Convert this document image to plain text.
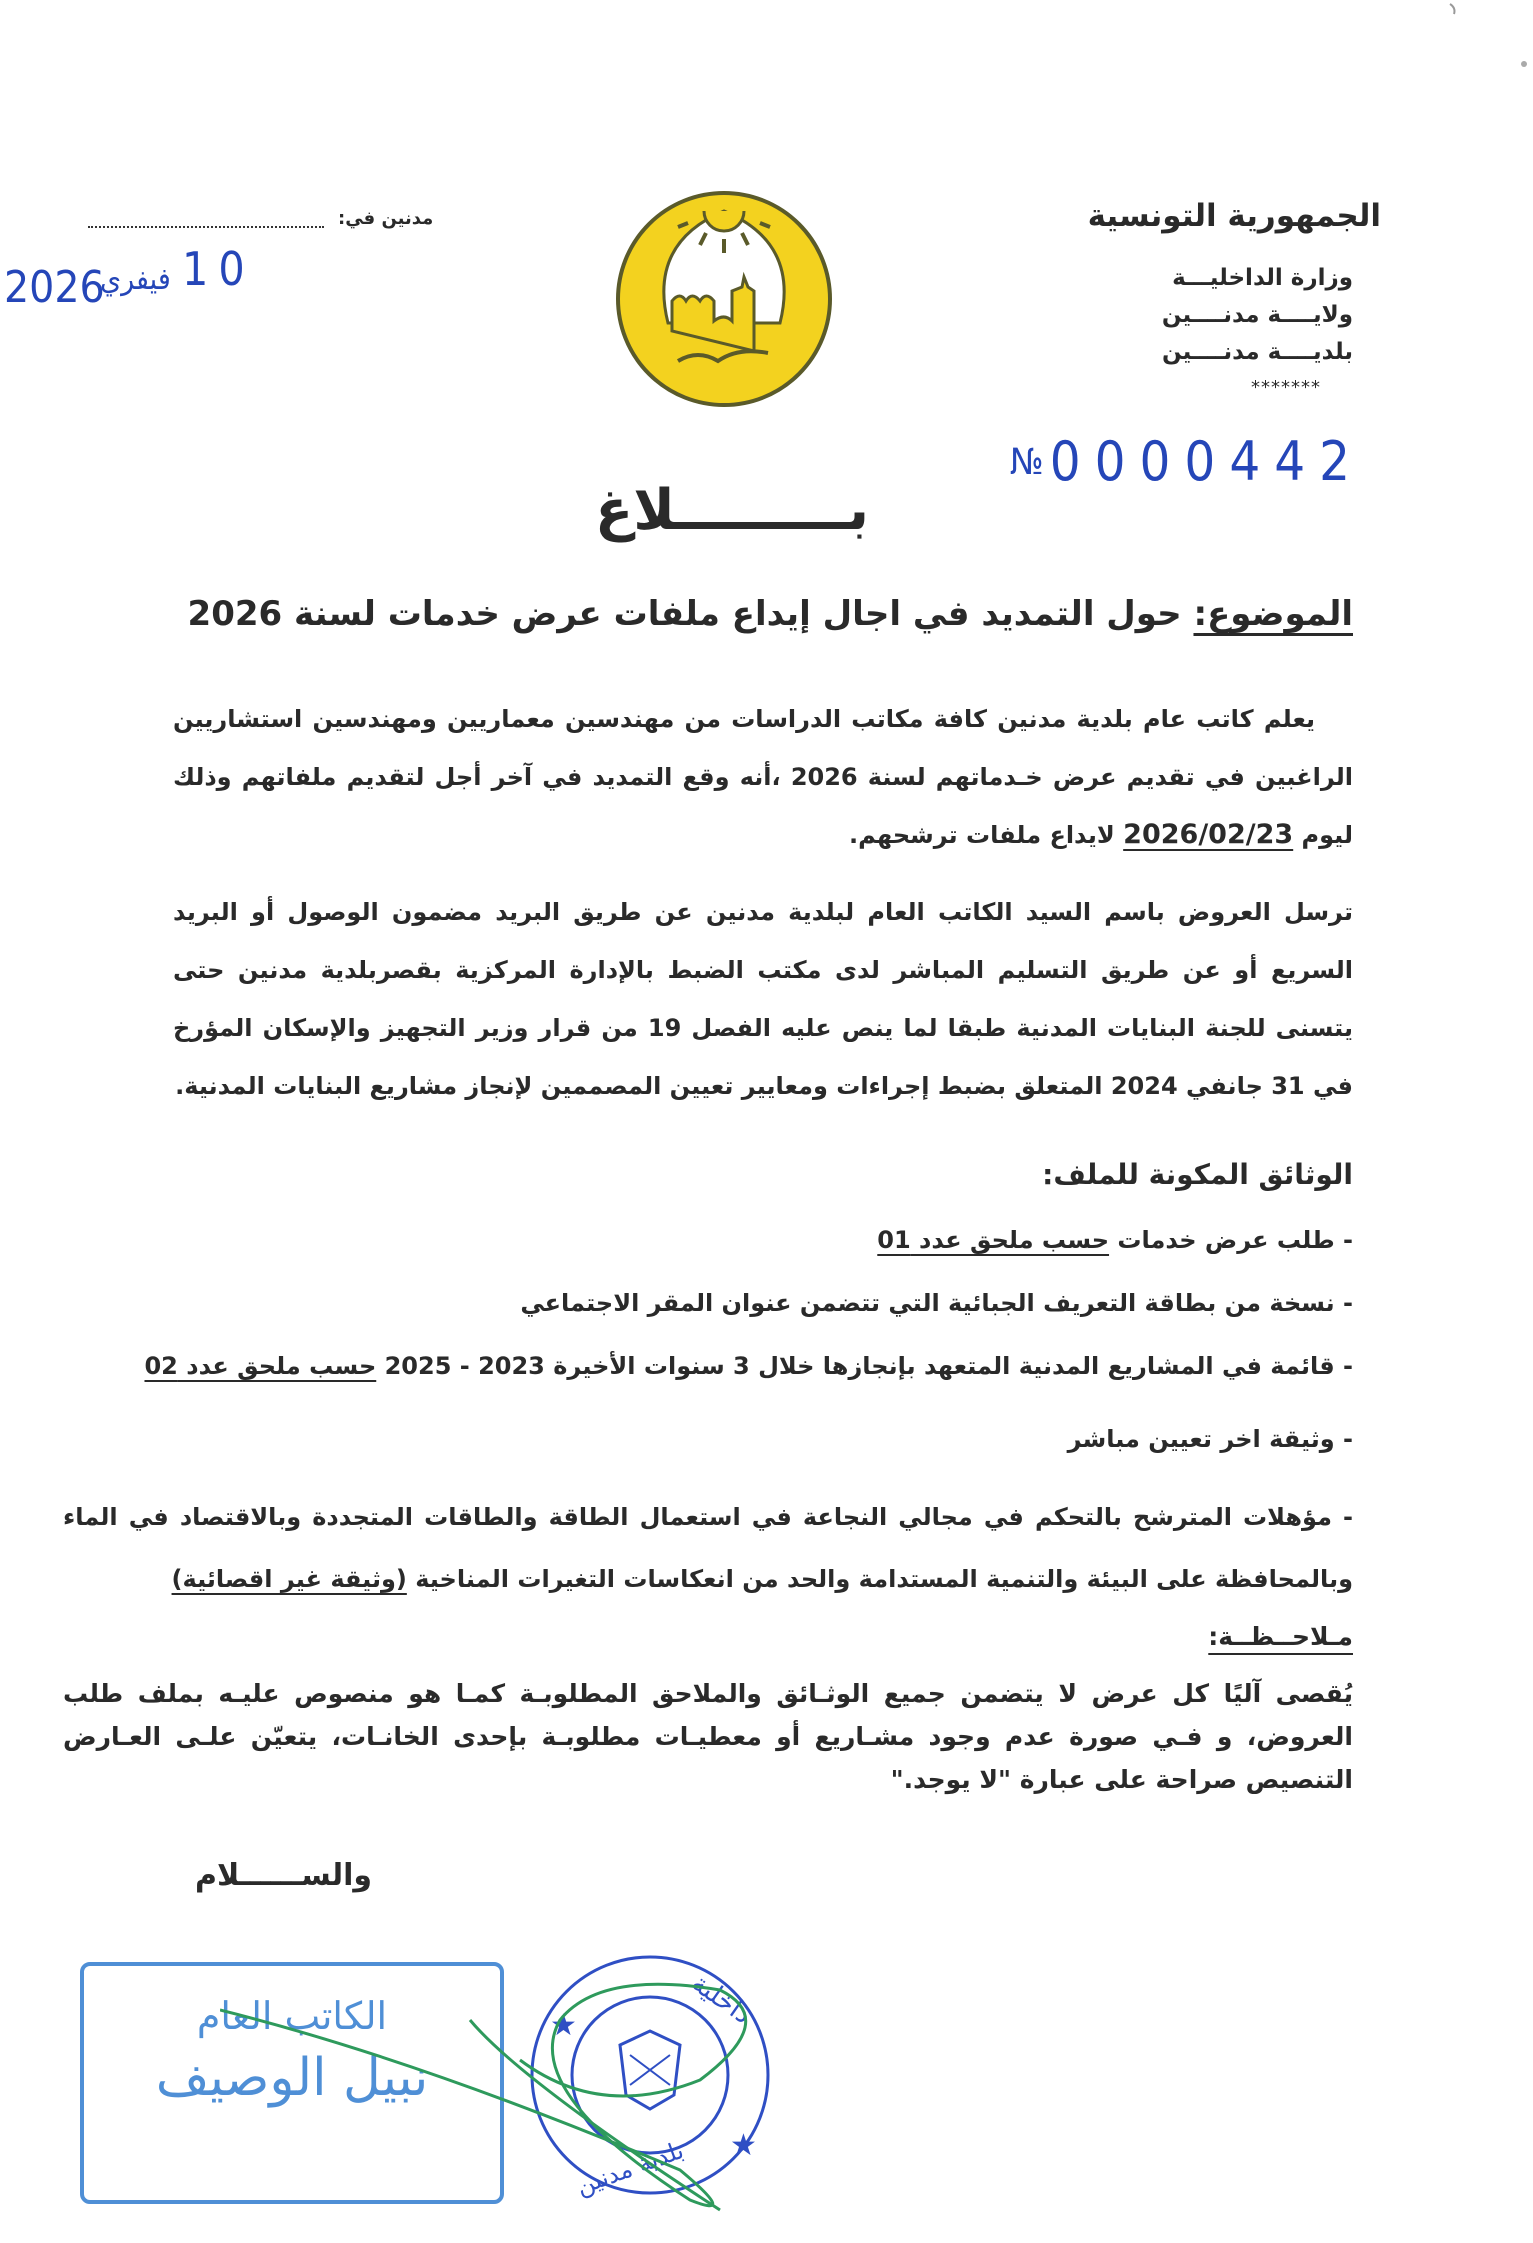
الجمهورية التونسية
وزارة الداخليـــة
ولايــــة مدنــــين
بلديــــة مدنــــين
*******
مدنين في:
10
فيفري
2026
№ 0000442
بـــــــــلاغ
الموضوع: حول التمديد في اجال إيداع ملفات عرض خدمات لسنة 2026
يعلم كاتب عام بلدية مدنين كافة مكاتب الدراسات من مهندسين معماريين ومهندسين استشاريين الراغبين في تقديم عرض خـدماتهم لسنة 2026 ،أنه وقع التمديد في آخر أجل لتقديم ملفاتهم وذلك ليوم 2026/02/23 لايداع ملفات ترشحهم.
ترسل العروض باسم السيد الكاتب العام لبلدية مدنين عن طريق البريد مضمون الوصول أو البريد السريع أو عن طريق التسليم المباشر لدى مكتب الضبط بالإدارة المركزية بقصربلدية مدنين حتى يتسنى للجنة البنايات المدنية طبقا لما ينص عليه الفصل 19 من قرار وزير التجهيز والإسكان المؤرخ في 31 جانفي 2024 المتعلق بضبط إجراءات ومعايير تعيين المصممين لإنجاز مشاريع البنايات المدنية.
الوثائق المكونة للملف:
- طلب عرض خدمات حسب ملحق عدد 01
- نسخة من بطاقة التعريف الجبائية التي تتضمن عنوان المقر الاجتماعي
- قائمة في المشاريع المدنية المتعهد بإنجازها خلال 3 سنوات الأخيرة 2023 - 2025 حسب ملحق عدد 02
- وثيقة اخر تعيين مباشر
- مؤهلات المترشح بالتحكم في مجالي النجاعة في استعمال الطاقة والطاقات المتجددة وبالاقتصاد في الماء وبالمحافظة على البيئة والتنمية المستدامة والحد من انعكاسات التغيرات المناخية (وثيقة غير اقصائية)
مـلاحــظــة:
يُقصى آليًا كل عرض لا يتضمن جميع الوثـائق والملاحق المطلوبـة كمـا هو منصوص عليـه بملف طلب العروض، و فـي صورة عدم وجود مشـاريع أو معطيـات مطلوبـة بإحدى الخانـات، يتعيّن علـى العـارض التنصيص صراحة على عبارة "لا يوجد."
والســــــلام
الكاتب العام
نبيل الوصيف
داخلية
بلدية مدنين
★
★
